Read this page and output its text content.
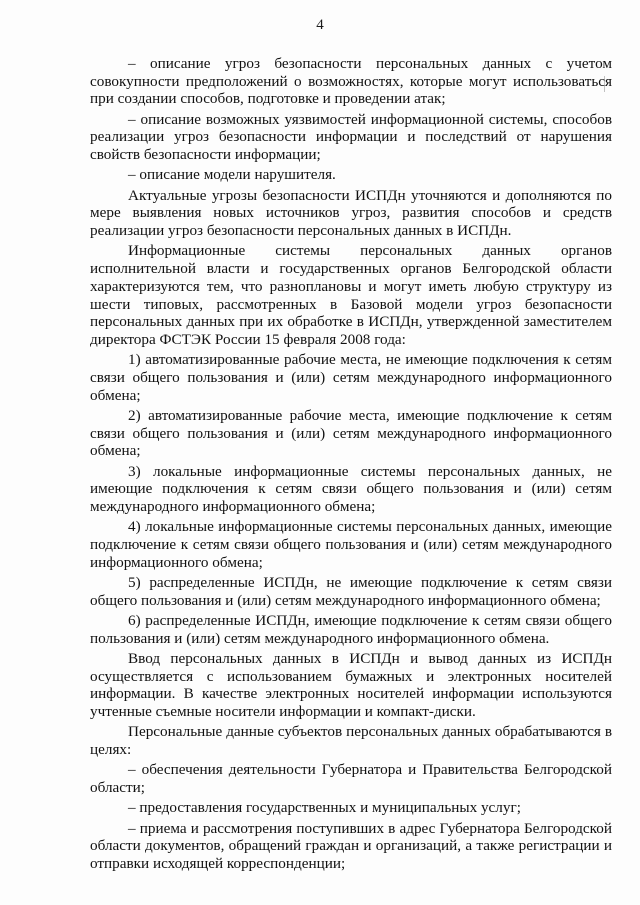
4

– описание угроз безопасности персональных данных с учетом совокупности предположений о возможностях, которые могут использоваться при создании способов, подготовке и проведении атак;

– описание возможных уязвимостей информационной системы, способов реализации угроз безопасности информации и последствий от нарушения свойств безопасности информации;

– описание модели нарушителя.

Актуальные угрозы безопасности ИСПДн уточняются и дополняются по мере выявления новых источников угроз, развития способов и средств реализации угроз безопасности персональных данных в ИСПДн.

Информационные системы персональных данных органов исполнительной власти и государственных органов Белгородской области характеризуются тем, что разноплановы и могут иметь любую структуру из шести типовых, рассмотренных в Базовой модели угроз безопасности персональных данных при их обработке в ИСПДн, утвержденной заместителем директора ФСТЭК России 15 февраля 2008 года:

1) автоматизированные рабочие места, не имеющие подключения к сетям связи общего пользования и (или) сетям международного информационного обмена;

2) автоматизированные рабочие места, имеющие подключение к сетям связи общего пользования и (или) сетям международного информационного обмена;

3) локальные информационные системы персональных данных, не имеющие подключения к сетям связи общего пользования и (или) сетям международного информационного обмена;

4) локальные информационные системы персональных данных, имеющие подключение к сетям связи общего пользования и (или) сетям международного информационного обмена;

5) распределенные ИСПДн, не имеющие подключение к сетям связи общего пользования и (или) сетям международного информационного обмена;

6) распределенные ИСПДн, имеющие подключение к сетям связи общего пользования и (или) сетям международного информационного обмена.

Ввод персональных данных в ИСПДн и вывод данных из ИСПДн осуществляется с использованием бумажных и электронных носителей информации. В качестве электронных носителей информации используются учтенные съемные носители информации и компакт-диски.

Персональные данные субъектов персональных данных обрабатываются в целях:

– обеспечения деятельности Губернатора и Правительства Белгородской области;

– предоставления государственных и муниципальных услуг;

– приема и рассмотрения поступивших в адрес Губернатора Белгородской области документов, обращений граждан и организаций, а также регистрации и отправки исходящей корреспонденции;
